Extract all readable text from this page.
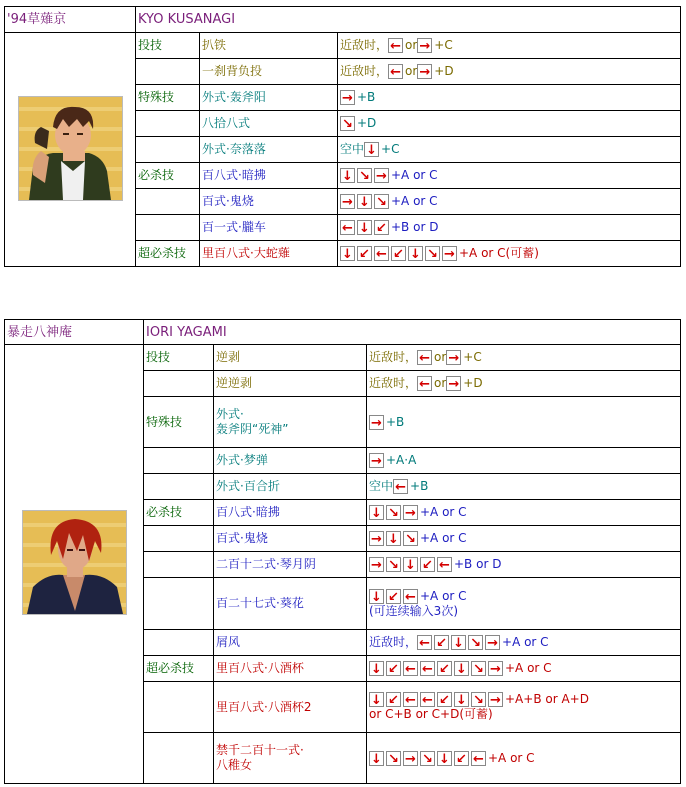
'94草薙京	KYO KUSANAGI		
	投技	扒铁	近敌时， ← or → +C
		一刹背负投	近敌时， ← or → +D
	特殊技	外式·轰斧阳	→ +B
		八拾八式	↘ +D
		外式·奈落落	空中 ↓ +C
	必杀技	百八式·暗拂	↓ ↘ → +A or C
		百式·鬼烧	→ ↓ ↘ +A or C
		百一式·朧车	← ↓ ↙ +B or D
	超必杀技	里百八式·大蛇薙	↓ ↙ ← ↙ ↓ ↘ → +A or C(可蓄)
暴走八神庵	IORI YAGAMI		
	投技	逆剥	近敌时， ← or → +C
		逆逆剥	近敌时， ← or → +D
	特殊技	外式·
轰斧阴“死神”	→ +B
		外式·梦弹	→ +A·A
		外式·百合折	空中 ← +B
	必杀技	百八式·暗拂	↓ ↘ → +A or C
		百式·鬼烧	→ ↓ ↘ +A or C
		二百十二式·琴月阴	→ ↘ ↓ ↙ ← +B or D
		百二十七式·葵花	↓ ↙ ← +A or C
(可连续输入3次)
		屑风	近敌时， ← ↙ ↓ ↘ → +A or C
	超必杀技	里百八式·八酒杯	↓ ↙ ← ← ↙ ↓ ↘ → +A or C
		里百八式·八酒杯2	↓ ↙ ← ← ↙ ↓ ↘ → +A+B or A+D
or C+B or C+D(可蓄)
		禁千二百十一式·
八稚女	↓ ↘ → ↘ ↓ ↙ ← +A or C
